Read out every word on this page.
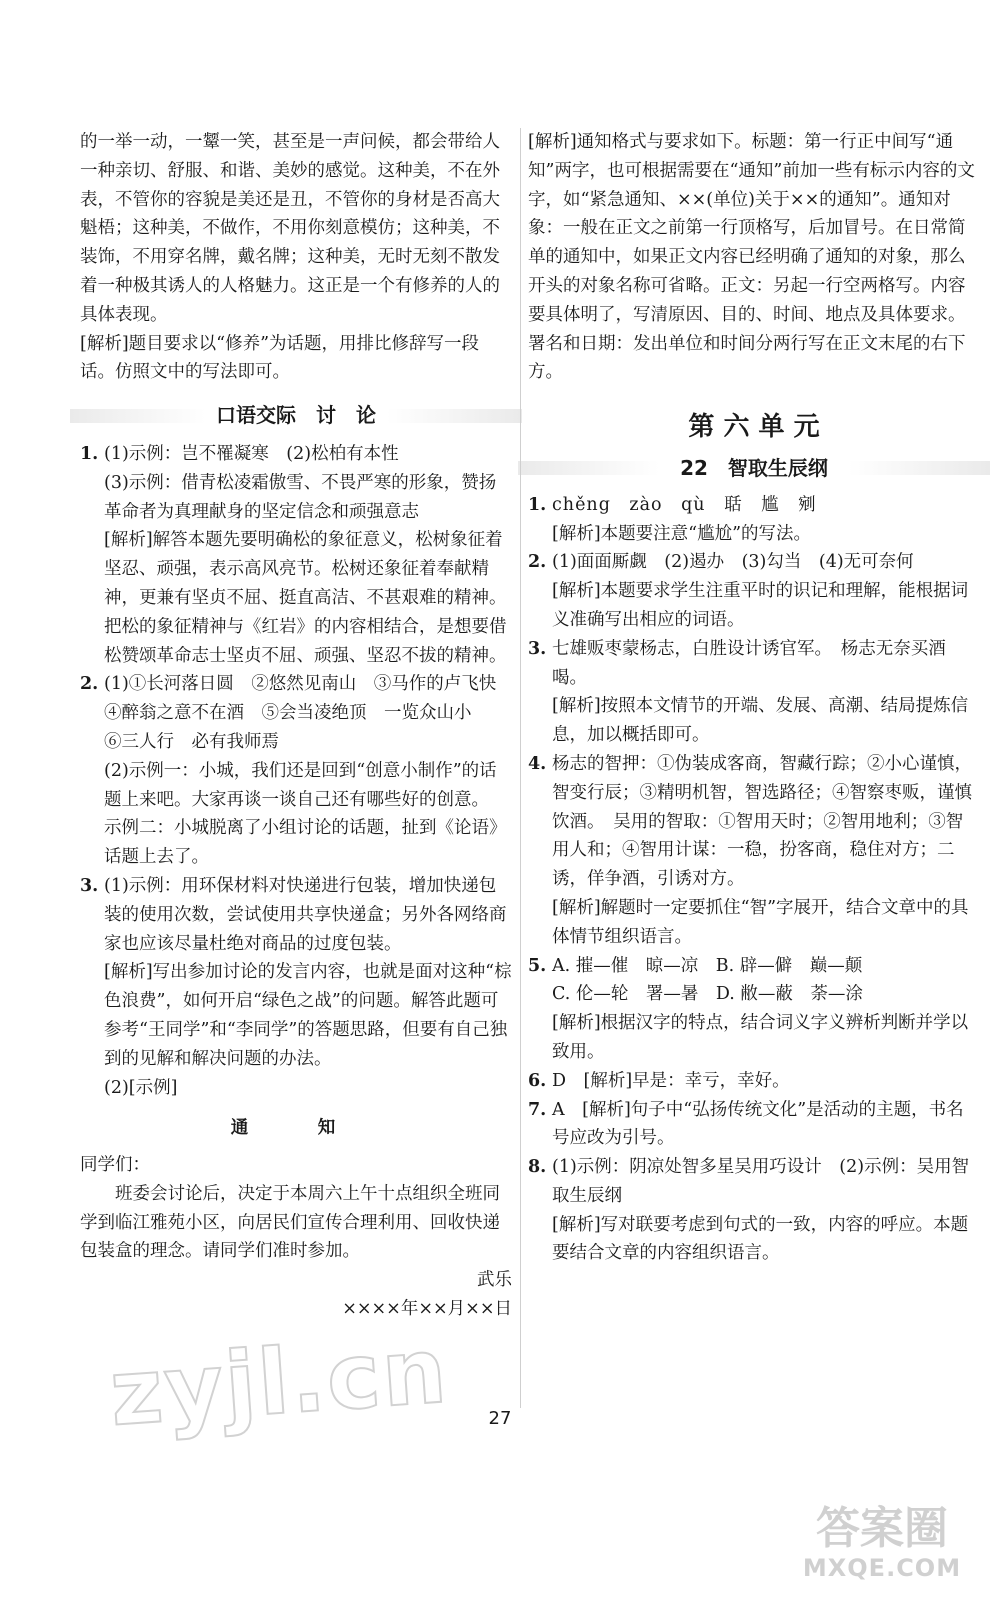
的一举一动，一颦一笑，甚至是一声问候，都会带给人一种亲切、舒服、和谐、美妙的感觉。这种美，不在外表，不管你的容貌是美还是丑，不管你的身材是否高大魁梧；这种美，不做作，不用你刻意模仿；这种美，不装饰，不用穿名牌，戴名牌；这种美，无时无刻不散发着一种极其诱人的人格魅力。这正是一个有修养的人的具体表现。

[解析]题目要求以“修养”为话题，用排比修辞写一段话。仿照文中的写法即可。

口语交际　讨　论
1. (1)示例：岂不罹凝寒　(2)松柏有本性

(3)示例：借青松凌霜傲雪、不畏严寒的形象，赞扬革命者为真理献身的坚定信念和顽强意志

[解析]解答本题先要明确松的象征意义，松树象征着坚忍、顽强，表示高风亮节。松树还象征着奉献精神，更兼有坚贞不屈、挺直高洁、不甚艰难的精神。把松的象征精神与《红岩》的内容相结合，是想要借松赞颂革命志士坚贞不屈、顽强、坚忍不拔的精神。

2. (1)①长河落日圆　②悠然见南山　③马作的卢飞快

④醉翁之意不在酒　⑤会当凌绝顶　一览众山小

⑥三人行　必有我师焉

(2)示例一：小城，我们还是回到“创意小制作”的话题上来吧。大家再谈一谈自己还有哪些好的创意。

示例二：小城脱离了小组讨论的话题，扯到《论语》话题上去了。

3. (1)示例：用环保材料对快递进行包装，增加快递包装的使用次数，尝试使用共享快递盒；另外各网络商家也应该尽量杜绝对商品的过度包装。

[解析]写出参加讨论的发言内容，也就是面对这种“棕色浪费”，如何开启“绿色之战”的问题。解答此题可参考“王同学”和“李同学”的答题思路，但要有自己独到的见解和解决问题的办法。

(2)[示例]

通　知

同学们：

班委会讨论后，决定于本周六上午十点组织全班同学到临江雅苑小区，向居民们宣传合理利用、回收快递包装盒的理念。请同学们准时参加。

武乐

××××年××月××日

[解析]通知格式与要求如下。标题：第一行正中间写“通知”两字，也可根据需要在“通知”前加一些有标示内容的文字，如“紧急通知、××(单位)关于××的通知”。通知对象：一般在正文之前第一行顶格写，后加冒号。在日常简单的通知中，如果正文内容已经明确了通知的对象，那么开头的对象名称可省略。正文：另起一行空两格写。内容要具体明了，写清原因、目的、时间、地点及具体要求。署名和日期：发出单位和时间分两行写在正文末尾的右下方。

第 六 单 元
22　智取生辰纲
1. chěng　zào　qù　聒　尴　剜

[解析]本题要注意“尴尬”的写法。

2. (1)面面厮觑　(2)遏办　(3)勾当　(4)无可奈何

[解析]本题要求学生注重平时的识记和理解，能根据词义准确写出相应的词语。

3. 七雄贩枣蒙杨志，白胜设计诱官军。　杨志无奈买酒喝。

[解析]按照本文情节的开端、发展、高潮、结局提炼信息，加以概括即可。

4. 杨志的智押：①伪装成客商，智藏行踪；②小心谨慎，智变行辰；③精明机智，智选路径；④智察枣贩，谨慎饮酒。　吴用的智取：①智用天时；②智用地利；③智用人和；④智用计谋：一稳，扮客商，稳住对方；二诱，佯争酒，引诱对方。

[解析]解题时一定要抓住“智”字展开，结合文章中的具体情节组织语言。

5. A. 摧—催　晾—凉　B. 辟—僻　巅—颠

C. 伦—轮　署—暑　D. 敝—蔽　荼—涂

[解析]根据汉字的特点，结合词义字义辨析判断并学以致用。

6. D　[解析]早是：幸亏，幸好。

7. A　[解析]句子中“弘扬传统文化”是活动的主题，书名号应改为引号。

8. (1)示例：阴凉处智多星吴用巧设计　(2)示例：吴用智取生辰纲

[解析]写对联要考虑到句式的一致，内容的呼应。本题要结合文章的内容组织语言。

zyjl.cn	27
答案圈
MXQE.COM
